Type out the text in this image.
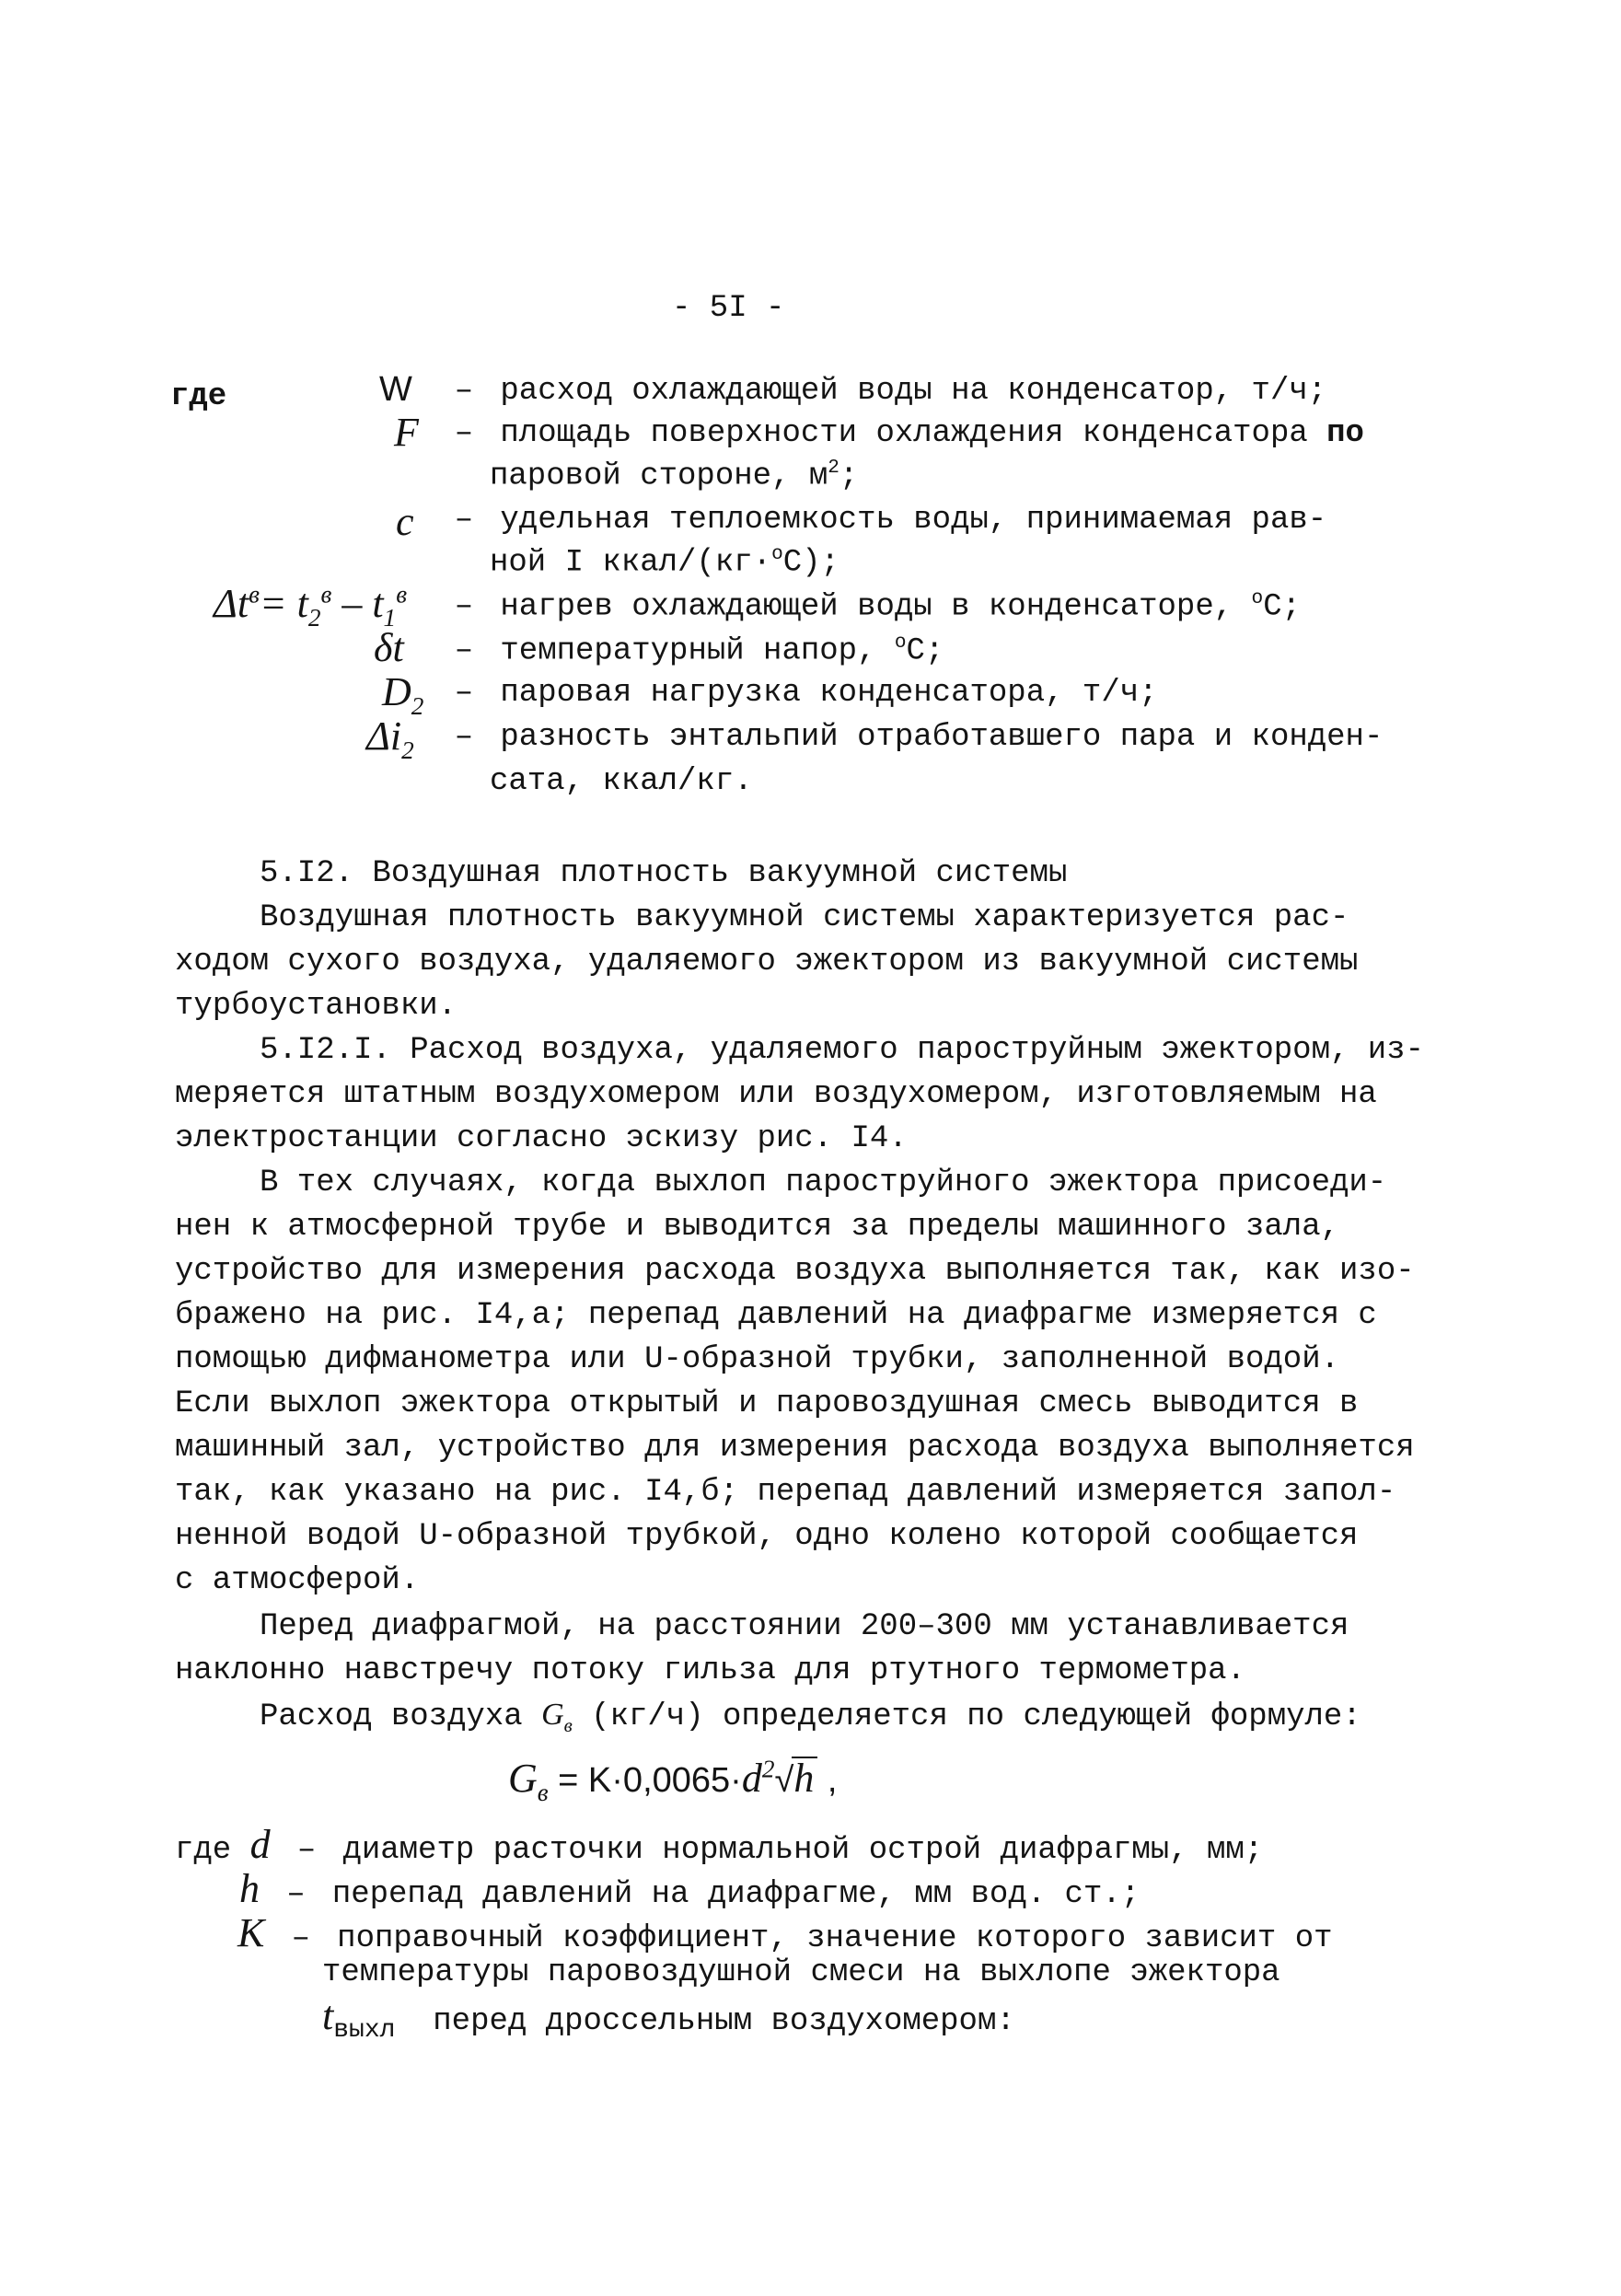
- 5I -
где	W – расход охлаждающей воды на конденсатор, т/ч;
F – площадь поверхности охлаждения конденсатора по
паровой стороне, $м^2$;
c – удельная теплоемкость воды, принимаемая рав-
ной I ккал/(кг·$^о$С);
$\Delta t^в= t_2^в - t_1^в$ – нагрев охлаждающей воды в конденсаторе, $^о$С;
δt – температурный напор, $^о$С;
$D_2$ – паровая нагрузка конденсатора, т/ч;
$\Delta i_2$ – разность энтальпий отработавшего пара и конден-
сата, ккал/кг.
5.I2. Воздушная плотность вакуумной системы
Воздушная плотность вакуумной системы характеризуется рас-
ходом сухого воздуха, удаляемого эжектором из вакуумной системы
турбоустановки.
5.I2.I. Расход воздуха, удаляемого пароструйным эжектором, из-
меряется штатным воздухомером или воздухомером, изготовляемым на
электростанции согласно эскизу рис. I4.
В тех случаях, когда выхлоп пароструйного эжектора присоеди-
нен к атмосферной трубе и выводится за пределы машинного зала,
устройство для измерения расхода воздуха выполняется так, как изо-
бражено на рис. I4,а; перепад давлений на диафрагме измеряется с
помощью дифманометра или U-образной трубки, заполненной водой.
Если выхлоп эжектора открытый и паровоздушная смесь выводится в
машинный зал, устройство для измерения расхода воздуха выполняется
так, как указано на рис. I4,б; перепад давлений измеряется запол-
ненной водой U-образной трубкой, одно колено которой сообщается
с атмосферой.
Перед диафрагмой, на расстоянии 200–300 мм устанавливается
наклонно навстречу потоку гильза для ртутного термометра.
Расход воздуха $G_в$ (кг/ч) определяется по следующей формуле:
$G_в = K\cdot 0,0065\cdot d^2√h$ ,
где d – диаметр расточки нормальной острой диафрагмы, мм;
h – перепад давлений на диафрагме, мм вод. ст.;
K – поправочный коэффициент, значение которого зависит от
температуры паровоздушной смеси на выхлопе эжектора
$t_{выхл}$  перед дроссельным воздухомером:
